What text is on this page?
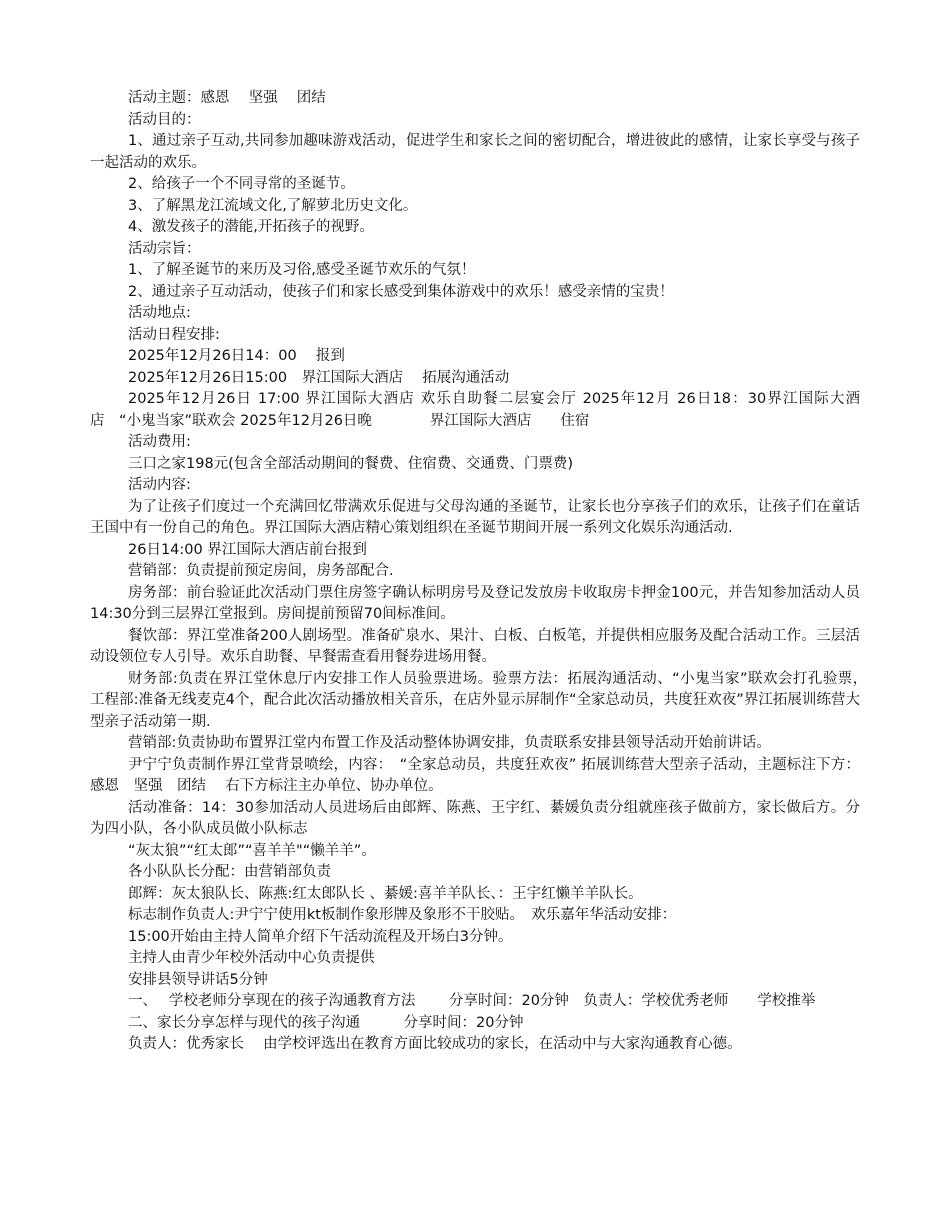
活动主题：感恩　 坚强　 团结
活动目的：
1、通过亲子互动,共同参加趣味游戏活动，促进学生和家长之间的密切配合，增进彼此的感情，让家长享受与孩子一起活动的欢乐。
2、给孩子一个不同寻常的圣诞节。
3、了解黑龙江流域文化,了解萝北历史文化。
4、激发孩子的潜能,开拓孩子的视野。
活动宗旨：
1、了解圣诞节的来历及习俗,感受圣诞节欢乐的气氛！
2、通过亲子互动活动，使孩子们和家长感受到集体游戏中的欢乐！感受亲情的宝贵！
活动地点:
活动日程安排:
2025年12月26日14：00　 报到
2025年12月26日15:00　界江国际大酒店　 拓展沟通活动
2025年12月26日 17:00 界江国际大酒店 欢乐自助餐二层宴会厅 2025年12月 26日18：30界江国际大酒店　“小鬼当家”联欢会 2025年12月26日晚　　　　界江国际大酒店　　住宿
活动费用:
三口之家198元(包含全部活动期间的餐费、住宿费、交通费、门票费)
活动内容:
为了让孩子们度过一个充满回忆带满欢乐促进与父母沟通的圣诞节，让家长也分享孩子们的欢乐，让孩子们在童话王国中有一份自己的角色。界江国际大酒店精心策划组织在圣诞节期间开展一系列文化娱乐沟通活动.
26日14:00 界江国际大酒店前台报到
营销部：负责提前预定房间，房务部配合.
房务部：前台验证此次活动门票住房签字确认标明房号及登记发放房卡收取房卡押金100元，并告知参加活动人员14:30分到三层界江堂报到。房间提前预留70间标准间。
餐饮部：界江堂准备200人剧场型。准备矿泉水、果汁、白板、白板笔，并提供相应服务及配合活动工作。三层活动设领位专人引导。欢乐自助餐、早餐需查看用餐券进场用餐。
财务部:负责在界江堂休息厅内安排工作人员验票进场。验票方法：拓展沟通活动、“小鬼当家”联欢会打孔验票，　工程部:准备无线麦克4个，配合此次活动播放相关音乐，在店外显示屏制作“全家总动员，共度狂欢夜”界江拓展训练营大型亲子活动第一期.
营销部:负责协助布置界江堂内布置工作及活动整体协调安排，负责联系安排县领导活动开始前讲话。
尹宁宁负责制作界江堂背景喷绘，内容：　“全家总动员，共度狂欢夜” 拓展训练营大型亲子活动，主题标注下方：感恩　坚强　团结　 右下方标注主办单位、协办单位。
活动准备：14：30参加活动人员进场后由郎辉、陈燕、王宇红、綦媛负责分组就座孩子做前方，家长做后方。分为四小队，各小队成员做小队标志
“灰太狼”“红太郎”“喜羊羊"“懒羊羊”。
各小队队长分配：由营销部负责
郎辉：灰太狼队长、陈燕:红太郎队长 、綦媛:喜羊羊队长、：王宇红懒羊羊队长。
标志制作负责人:尹宁宁使用kt板制作象形牌及象形不干胶贴。　欢乐嘉年华活动安排：
15:00开始由主持人简单介绍下午活动流程及开场白3分钟。
主持人由青少年校外活动中心负责提供
安排县领导讲话5分钟
一、　 学校老师分享现在的孩子沟通教育方法　　 分享时间：20分钟　负责人：学校优秀老师　　学校推举
二、家长分享怎样与现代的孩子沟通　　　分享时间：20分钟
负责人：优秀家长　 由学校评选出在教育方面比较成功的家长，在活动中与大家沟通教育心德。
